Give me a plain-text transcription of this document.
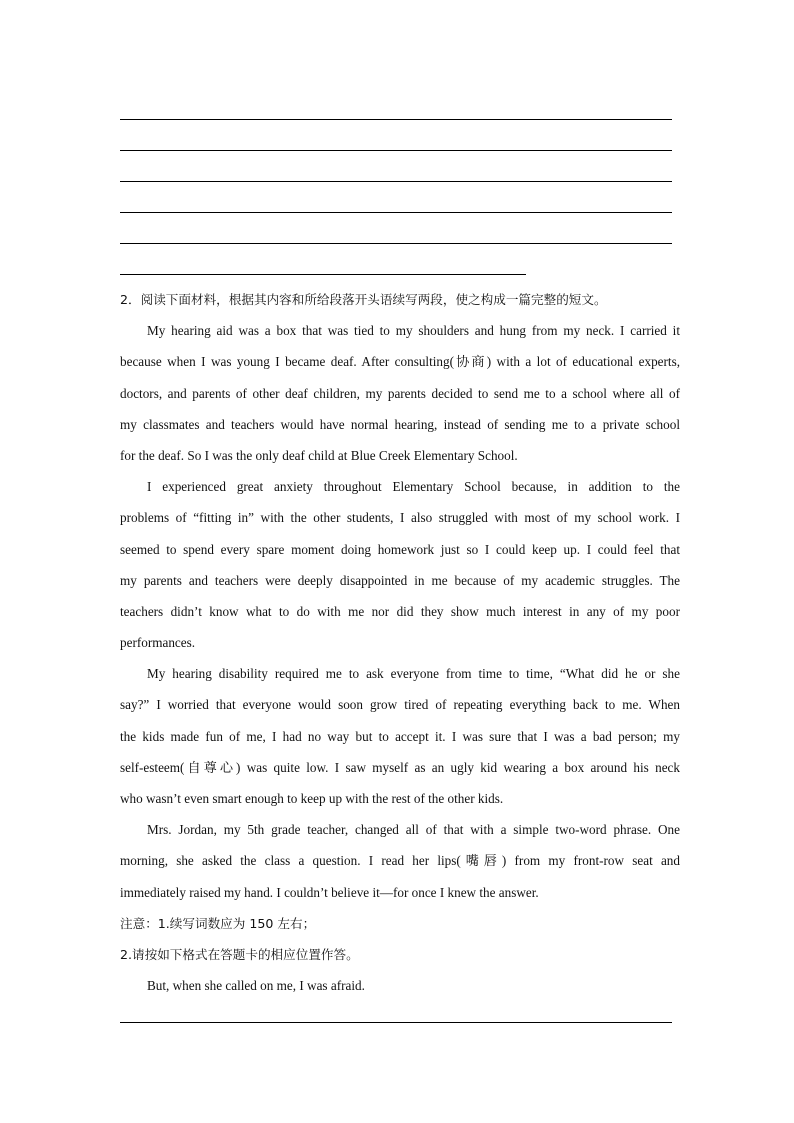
2．阅读下面材料，根据其内容和所给段落开头语续写两段，使之构成一篇完整的短文。
My hearing aid was a box that was tied to my shoulders and hung from my neck. I carried it
because when I was young I became deaf. After consulting(协商) with a lot of educational experts,
doctors, and parents of other deaf children, my parents decided to send me to a school where all of
my classmates and teachers would have normal hearing, instead of sending me to a private school
for the deaf. So I was the only deaf child at Blue Creek Elementary School.
I experienced great anxiety throughout Elementary School because, in addition to the
problems of “fitting in” with the other students, I also struggled with most of my school work. I
seemed to spend every spare moment doing homework just so I could keep up. I could feel that
my parents and teachers were deeply disappointed in me because of my academic struggles. The
teachers didn’t know what to do with me nor did they show much interest in any of my poor
performances.
My hearing disability required me to ask everyone from time to time, “What did he or she
say?” I worried that everyone would soon grow tired of repeating everything back to me. When
the kids made fun of me, I had no way but to accept it. I was sure that I was a bad person; my
self-esteem(自尊心) was quite low. I saw myself as an ugly kid wearing a box around his neck
who wasn’t even smart enough to keep up with the rest of the other kids.
Mrs. Jordan, my 5th grade teacher, changed all of that with a simple two-word phrase. One
morning, she asked the class a question. I read her lips(嘴唇) from my front-row seat and
immediately raised my hand. I couldn’t believe it—for once I knew the answer.
注意：1.续写词数应为 150 左右；
2.请按如下格式在答题卡的相应位置作答。
But, when she called on me, I was afraid.
